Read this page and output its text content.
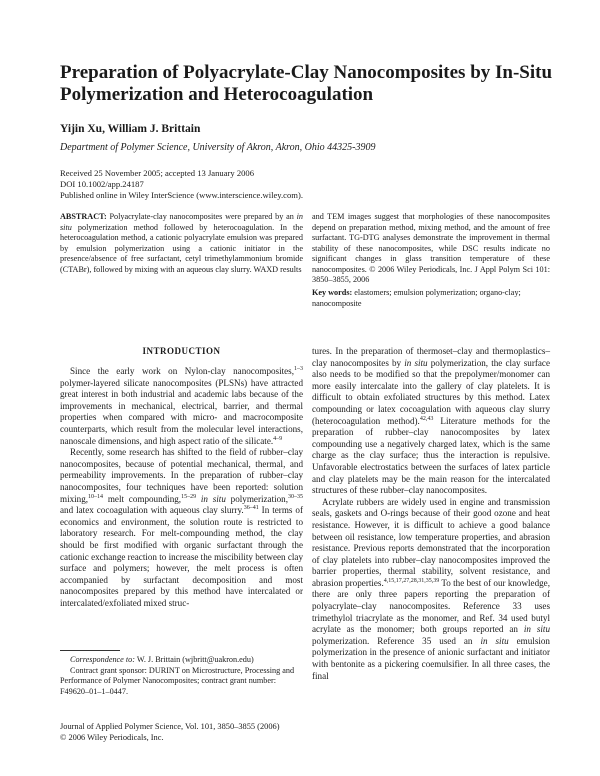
Preparation of Polyacrylate-Clay Nanocomposites by In-Situ Polymerization and Heterocoagulation
Yijin Xu, William J. Brittain
Department of Polymer Science, University of Akron, Akron, Ohio 44325-3909
Received 25 November 2005; accepted 13 January 2006
DOI 10.1002/app.24187
Published online in Wiley InterScience (www.interscience.wiley.com).
ABSTRACT: Polyacrylate-clay nanocomposites were prepared by an in situ polymerization method followed by heterocoagulation. In the heterocoagulation method, a cationic polyacrylate emulsion was prepared by emulsion polymerization using a cationic initiator in the presence/absence of free surfactant, cetyl trimethylammonium bromide (CTABr), followed by mixing with an aqueous clay slurry. WAXD results
and TEM images suggest that morphologies of these nanocomposites depend on preparation method, mixing method, and the amount of free surfactant. TG-DTG analyses demonstrate the improvement in thermal stability of these nanocomposites, while DSC results indicate no significant changes in glass transition temperature of these nanocomposites. © 2006 Wiley Periodicals, Inc. J Appl Polym Sci 101: 3850–3855, 2006
Key words: elastomers; emulsion polymerization; organo-clay; nanocomposite
INTRODUCTION

Since the early work on Nylon-clay nanocomposites,$^{1-3}$ polymer-layered silicate nanocomposites (PLSNs) have attracted great interest in both industrial and academic labs because of the improvements in mechanical, electrical, barrier, and thermal properties when compared with micro- and macrocomposite counterparts, which result from the molecular level interactions, nanoscale dimensions, and high aspect ratio of the silicate.$^{4-9}$

Recently, some research has shifted to the field of rubber–clay nanocomposites, because of potential mechanical, thermal, and permeability improvements. In the preparation of rubber–clay nanocomposites, four techniques have been reported: solution mixing,$^{10-14}$ melt compounding,$^{15-29}$ in situ polymerization,$^{30-35}$ and latex cocoagulation with aqueous clay slurry.$^{36-41}$ In terms of economics and environment, the solution route is restricted to laboratory research. For melt-compounding method, the clay should be first modified with organic surfactant through the cationic exchange reaction to increase the miscibility between clay surface and polymers; however, the melt process is often accompanied by surfactant decomposition and most nanocomposites prepared by this method have intercalated or intercalated/exfoliated mixed struc-

tures. In the preparation of thermoset–clay and thermoplastics–clay nanocomposites by in situ polymerization, the clay surface also needs to be modified so that the prepolymer/monomer can more easily intercalate into the gallery of clay platelets. It is difficult to obtain exfoliated structures by this method. Latex compounding or latex cocoagulation with aqueous clay slurry (heterocoagulation method).$^{42,43}$ Literature methods for the preparation of rubber–clay nanocomposites by latex compounding use a negatively charged latex, which is the same charge as the clay surface; thus the interaction is repulsive. Unfavorable electrostatics between the surfaces of latex particle and clay platelets may be the main reason for the intercalated structures of these rubber–clay nanocomposites.

Acrylate rubbers are widely used in engine and transmission seals, gaskets and O-rings because of their good ozone and heat resistance. However, it is difficult to achieve a good balance between oil resistance, low temperature properties, and abrasion resistance. Previous reports demonstrated that the incorporation of clay platelets into rubber–clay nanocomposites improved the barrier properties, thermal stability, solvent resistance, and abrasion properties.$^{4,15,17,27,28,31,35,39}$ To the best of our knowledge, there are only three papers reporting the preparation of polyacrylate–clay nanocomposites. Reference 33 uses trimethylol triacrylate as the monomer, and Ref. 34 used butyl acrylate as the monomer; both groups reported an in situ polymerization. Reference 35 used an in situ emulsion polymerization in the presence of anionic surfactant and initiator with bentonite as a pickering coemulsifier. In all three cases, the final

Correspondence to: W. J. Brittain (wjbritt@uakron.edu)

Contract grant sponsor: DURINT on Microstructure, Processing and Performance of Polymer Nanocomposites; contract grant number: F49620–01–1–0447.

Journal of Applied Polymer Science, Vol. 101, 3850–3855 (2006)
© 2006 Wiley Periodicals, Inc.
